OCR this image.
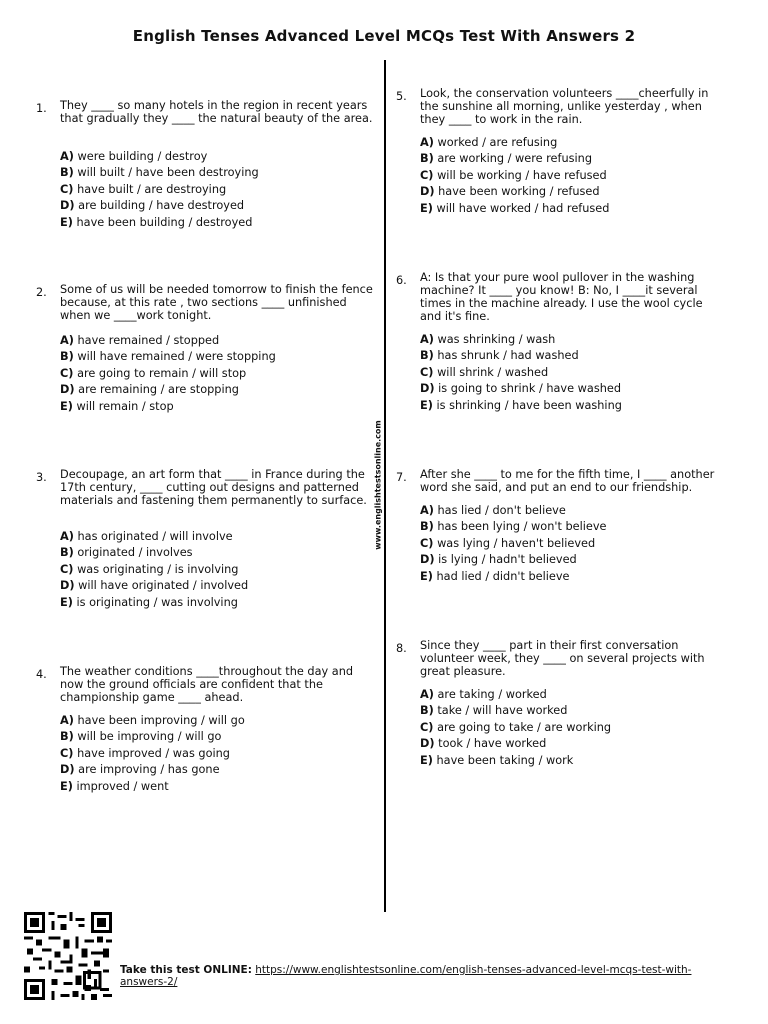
English Tenses Advanced Level MCQs Test With Answers 2
www.englishtestsonline.com
1. They ____ so many hotels in the region in recent years that gradually they ____ the natural beauty of the area.
A) were building / destroy
B) will built / have been destroying
C) have built / are destroying
D) are building / have destroyed
E) have been building / destroyed
2. Some of us will be needed tomorrow to finish the fence because, at this rate , two sections ____ unfinished when we ____work tonight.
A) have remained / stopped
B) will have remained / were stopping
C) are going to remain / will stop
D) are remaining / are stopping
E) will remain / stop
3. Decoupage, an art form that ____ in France during the 17th century, ____ cutting out designs and patterned materials and fastening them permanently to surface.
A) has originated / will involve
B) originated / involves
C) was originating / is involving
D) will have originated / involved
E) is originating / was involving
4. The weather conditions ____throughout the day and now the ground officials are confident that the championship game ____ ahead.
A) have been improving / will go
B) will be improving / will go
C) have improved / was going
D) are improving / has gone
E) improved / went
5. Look, the conservation volunteers ____cheerfully in the sunshine all morning, unlike yesterday , when they ____ to work in the rain.
A) worked / are refusing
B) are working / were refusing
C) will be working / have refused
D) have been working / refused
E) will have worked / had refused
6. A: Is that your pure wool pullover in the washing machine? It ____ you know! B: No, I ____it several times in the machine already. I use the wool cycle and it's fine.
A) was shrinking / wash
B) has shrunk / had washed
C) will shrink / washed
D) is going to shrink / have washed
E) is shrinking / have been washing
7. After she ____ to me for the fifth time, I ____ another word she said, and put an end to our friendship.
A) has lied / don't believe
B) has been lying / won't believe
C) was lying / haven't believed
D) is lying / hadn't believed
E) had lied / didn't believe
8. Since they ____ part in their first conversation volunteer week, they ____ on several projects with great pleasure.
A) are taking / worked
B) take / will have worked
C) are going to take / are working
D) took / have worked
E) have been taking / work
Take this test ONLINE: https://www.englishtestsonline.com/english-tenses-advanced-level-mcqs-test-with-answers-2/
